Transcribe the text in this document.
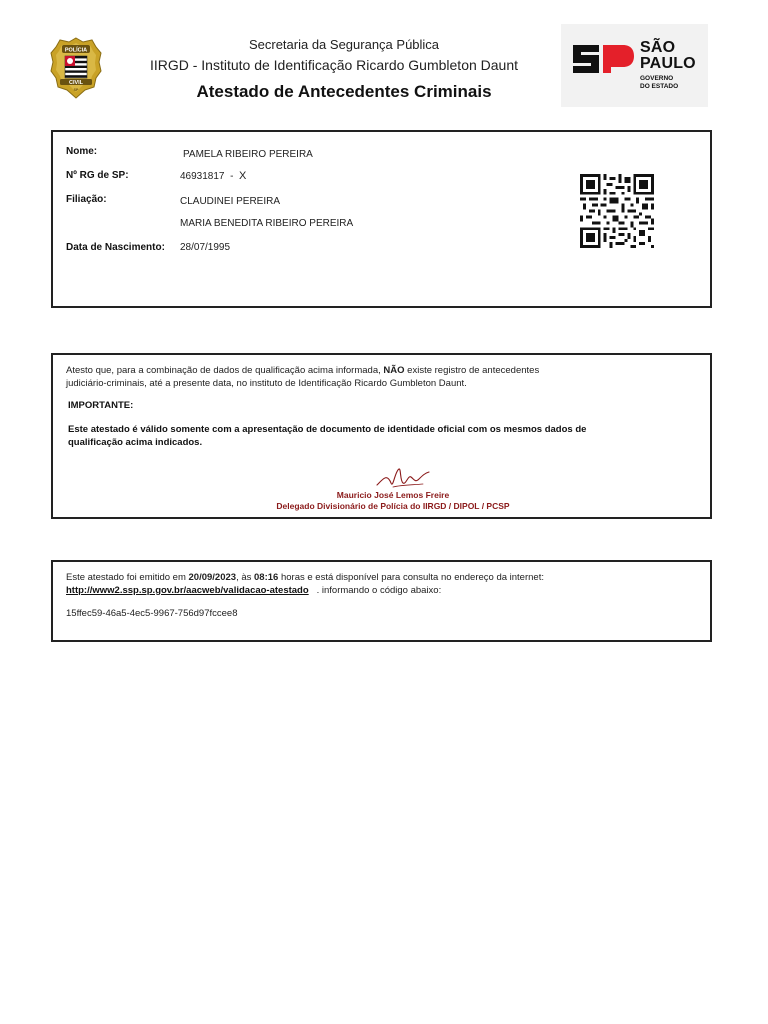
POLÍCIA
CIVIL
SP
Secretaria da Segurança Pública
IIRGD - Instituto de Identificação Ricardo Gumbleton Daunt
Atestado de Antecedentes Criminais
SÃO
PAULO
GOVERNO
DO ESTADO
Nome:	PAMELA RIBEIRO PEREIRA
Nº RG de SP:	46931817 - X
Filiação:	CLAUDINEI PEREIRA
MARIA BENEDITA RIBEIRO PEREIRA
Data de Nascimento: 28/07/1995
Atesto que, para a combinação de dados de qualificação acima informada, NÃO existe registro de antecedentes
judiciário-criminais, até a presente data, no instituto de Identificação Ricardo Gumbleton Daunt.
IMPORTANTE:
Este atestado é válido somente com a apresentação de documento de identidade oficial com os mesmos dados de
qualificação acima indicados.
Mauricio José Lemos Freire
Delegado Divisionário de Polícia do IIRGD / DIPOL / PCSP
Este atestado foi emitido em 20/09/2023, às 08:16 horas e está disponível para consulta no endereço da internet:
http://www2.ssp.sp.gov.br/aacweb/validacao-atestado . informando o código abaixo:
15ffec59-46a5-4ec5-9967-756d97fccee8
